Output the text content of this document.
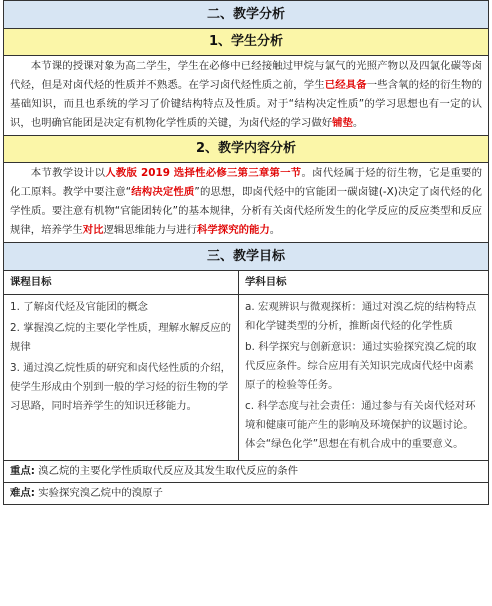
二、教学分析
1、学生分析

本节课的授课对象为高二学生，学生在必修中已经接触过甲烷与氯气的光照产物以及四氯化碳等卤代烃，但是对卤代烃的性质并不熟悉。在学习卤代烃性质之前，学生已经具备一些含氧的烃的衍生物的基础知识，而且也系统的学习了价键结构特点及性质。对于“结构决定性质”的学习思想也有一定的认识，也明确官能团是决定有机物化学性质的关键，为卤代烃的学习做好铺垫。

2、教学内容分析

本节教学设计以人教版 2019 选择性必修三第三章第一节。卤代烃属于烃的衍生物，它是重要的化工原料。教学中要注意“结构决定性质”的思想，即卤代烃中的官能团一碳卤键(-X)决定了卤代烃的化学性质。要注意有机物“官能团转化”的基本规律，分析有关卤代烃所发生的化学反应的反应类型和反应规律，培养学生对比逻辑思维能力与进行科学探究的能力。

三、教学目标
课程目标
1. 了解卤代烃及官能团的概念
2. 掌握溴乙烷的主要化学性质，理解水解反应的规律
3. 通过溴乙烷性质的研究和卤代烃性质的介绍，使学生形成由个别到一般的学习烃的衍生物的学习思路，同时培养学生的知识迁移能力。
学科目标
a. 宏观辨识与微观探析：通过对溴乙烷的结构特点和化学键类型的分析，推断卤代烃的化学性质
b. 科学探究与创新意识：通过实验探究溴乙烷的取代反应条件。综合应用有关知识完成卤代烃中卤素原子的检验等任务。
c. 科学态度与社会责任：通过参与有关卤代烃对环境和健康可能产生的影响及环境保护的议题讨论。体会“绿色化学”思想在有机合成中的重要意义。
重点: 溴乙烷的主要化学性质取代反应及其发生取代反应的条件
难点: 实验探究溴乙烷中的溴原子
